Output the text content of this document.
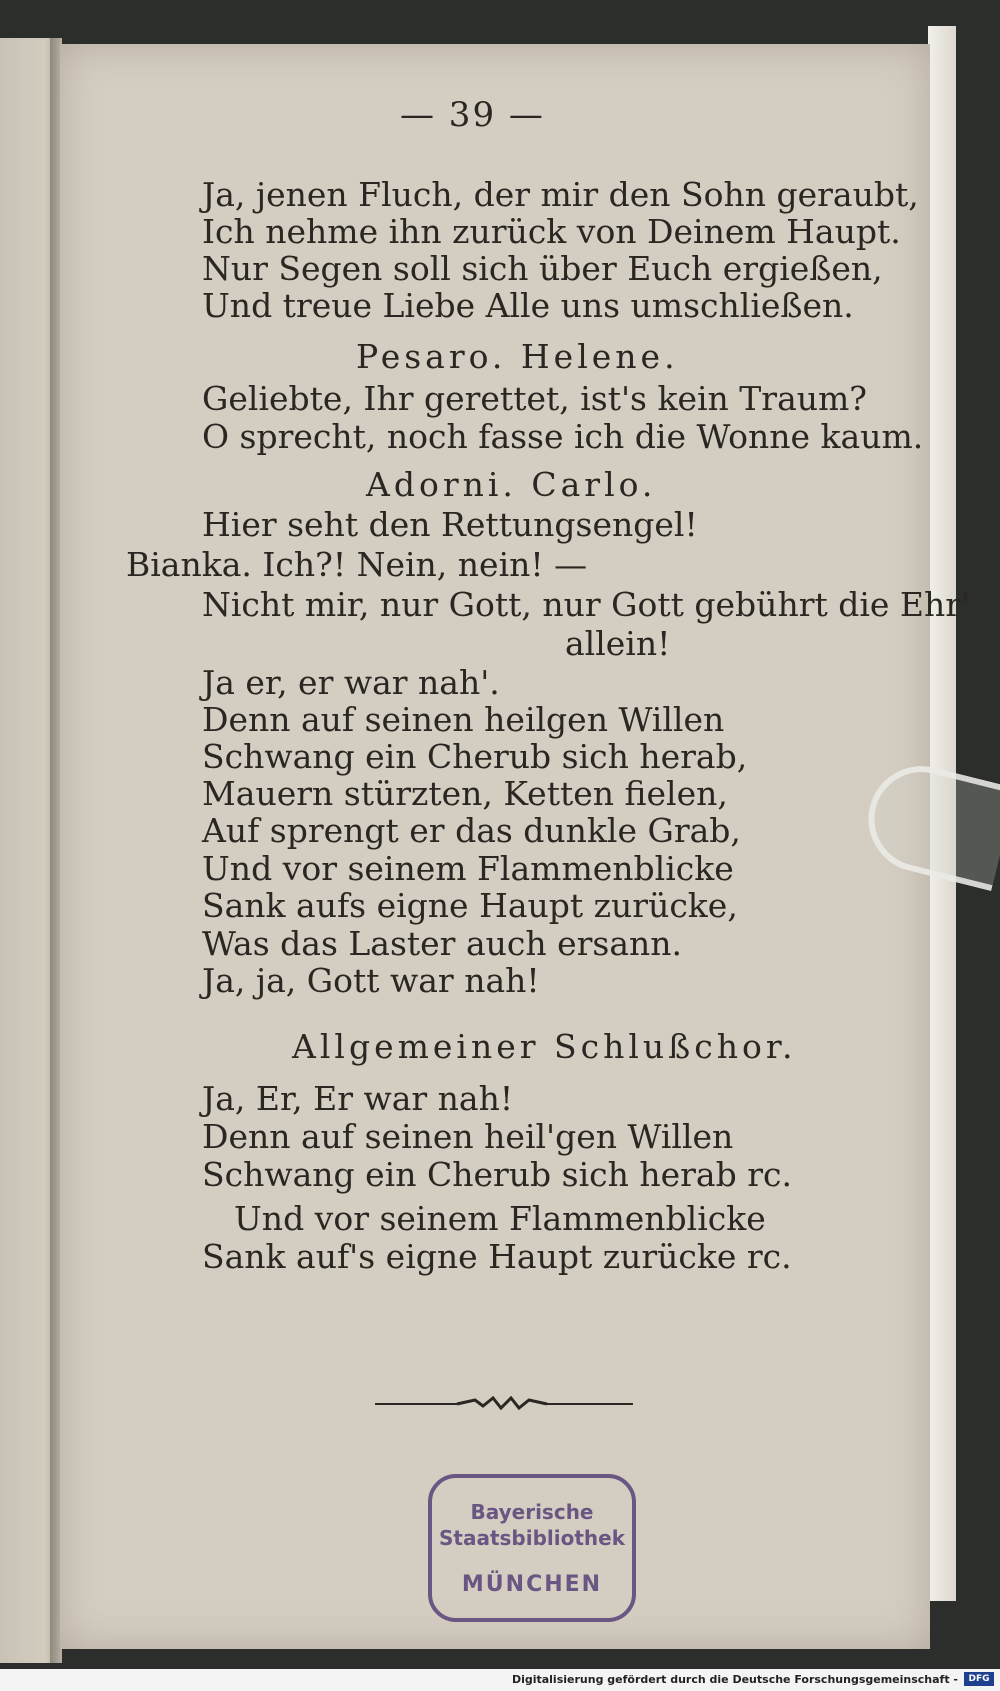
— 39 —
Ja, jenen Fluch, der mir den Sohn geraubt,
Ich nehme ihn zurück von Deinem Haupt.
Nur Segen soll sich über Euch ergießen,
Und treue Liebe Alle uns umschließen.
Pesaro. Helene.
Geliebte, Ihr gerettet, ist's kein Traum?
O sprecht, noch fasse ich die Wonne kaum.
Adorni. Carlo.
Hier seht den Rettungsengel!
Bianka. Ich?! Nein, nein! —
Nicht mir, nur Gott, nur Gott gebührt die Ehr'
allein!
Ja er, er war nah'.
Denn auf seinen heilgen Willen
Schwang ein Cherub sich herab,
Mauern stürzten, Ketten fielen,
Auf sprengt er das dunkle Grab,
Und vor seinem Flammenblicke
Sank aufs eigne Haupt zurücke,
Was das Laster auch ersann.
Ja, ja, Gott war nah!
Allgemeiner Schlußchor.
Ja, Er, Er war nah!
Denn auf seinen heil'gen Willen
Schwang ein Cherub sich herab rc.
Und vor seinem Flammenblicke
Sank auf's eigne Haupt zurücke rc.
Bayerische
Staatsbibliothek
MÜNCHEN
Digitalisierung gefördert durch die Deutsche Forschungsgemeinschaft -	DFG
